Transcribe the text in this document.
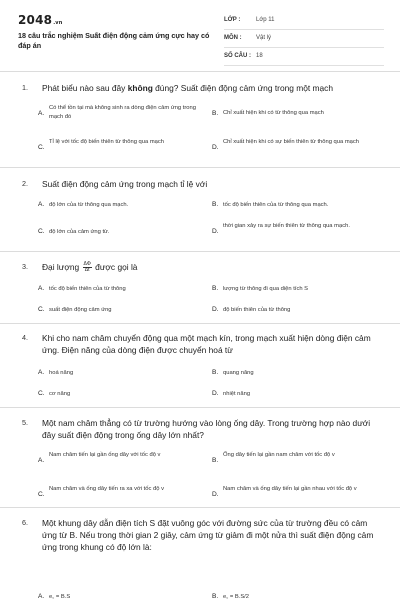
2048.vn
18 câu trắc nghiệm Suất điện động cảm ứng cực hay có đáp án
LỚP :	Lớp 11
MÔN : Vật lý
SỐ CÂU : 18
1. Phát biểu nào sau đây không đúng? Suất điện động cảm ứng trong một mạch
A.
Có thể tồn tại mà không sinh ra dòng điện cảm ứng trong mạch đó	B. Chỉ xuất hiện khi có từ thông qua mạch
C.
Tỉ lệ với tốc độ biến thiên từ thông qua mạch
D.
Chỉ xuất hiện khi có sự biến thiên từ thông qua mạch
2. Suất điện động cảm ứng trong mạch tỉ lệ với
A. độ lớn của từ thông qua mạch.	B. tốc độ biến thiên của từ thông qua mạch.
C. độ lớn của cảm ứng từ.	D.
thời gian xảy ra sự biến thiên từ thông qua mạch.
3. Đại lượng $\frac{\Delta\Phi}{\Delta t}$ được gọi là
A. tốc độ biến thiên của từ thông	B. lượng từ thông đi qua diện tích S
C. suất điện động cảm ứng	D. độ biến thiên của từ thông
4. Khi cho nam châm chuyển động qua một mạch kín, trong mạch xuất hiện dòng điện cảm ứng. Điện năng của dòng điện được chuyển hoá từ
A. hoá năng	B. quang năng
C. cơ năng	D. nhiệt năng
5. Một nam châm thẳng có từ trường hướng vào lòng ống dây. Trong trường hợp nào dưới đây suất điện động trong ống dây lớn nhất?
A.
Nam châm tiến lại gần ống dây với tốc độ v
B.
Ống dây tiến lại gần nam châm với tốc độ v
C.
Nam châm và ống dây tiến ra xa với tốc độ v
D.
Nam châm và ống dây tiến lại gần nhau với tốc độ v
6. Một khung dây dẫn điện tích S đặt vuông góc với đường sức của từ trường đều có cảm ứng từ B. Nếu trong thời gian 2 giây, cảm ứng từ giảm đi một nửa thì suất điện động cảm ứng trong khung có độ lớn là:
A. e꜀ = B.S	B. e꜀ = B.S/2
